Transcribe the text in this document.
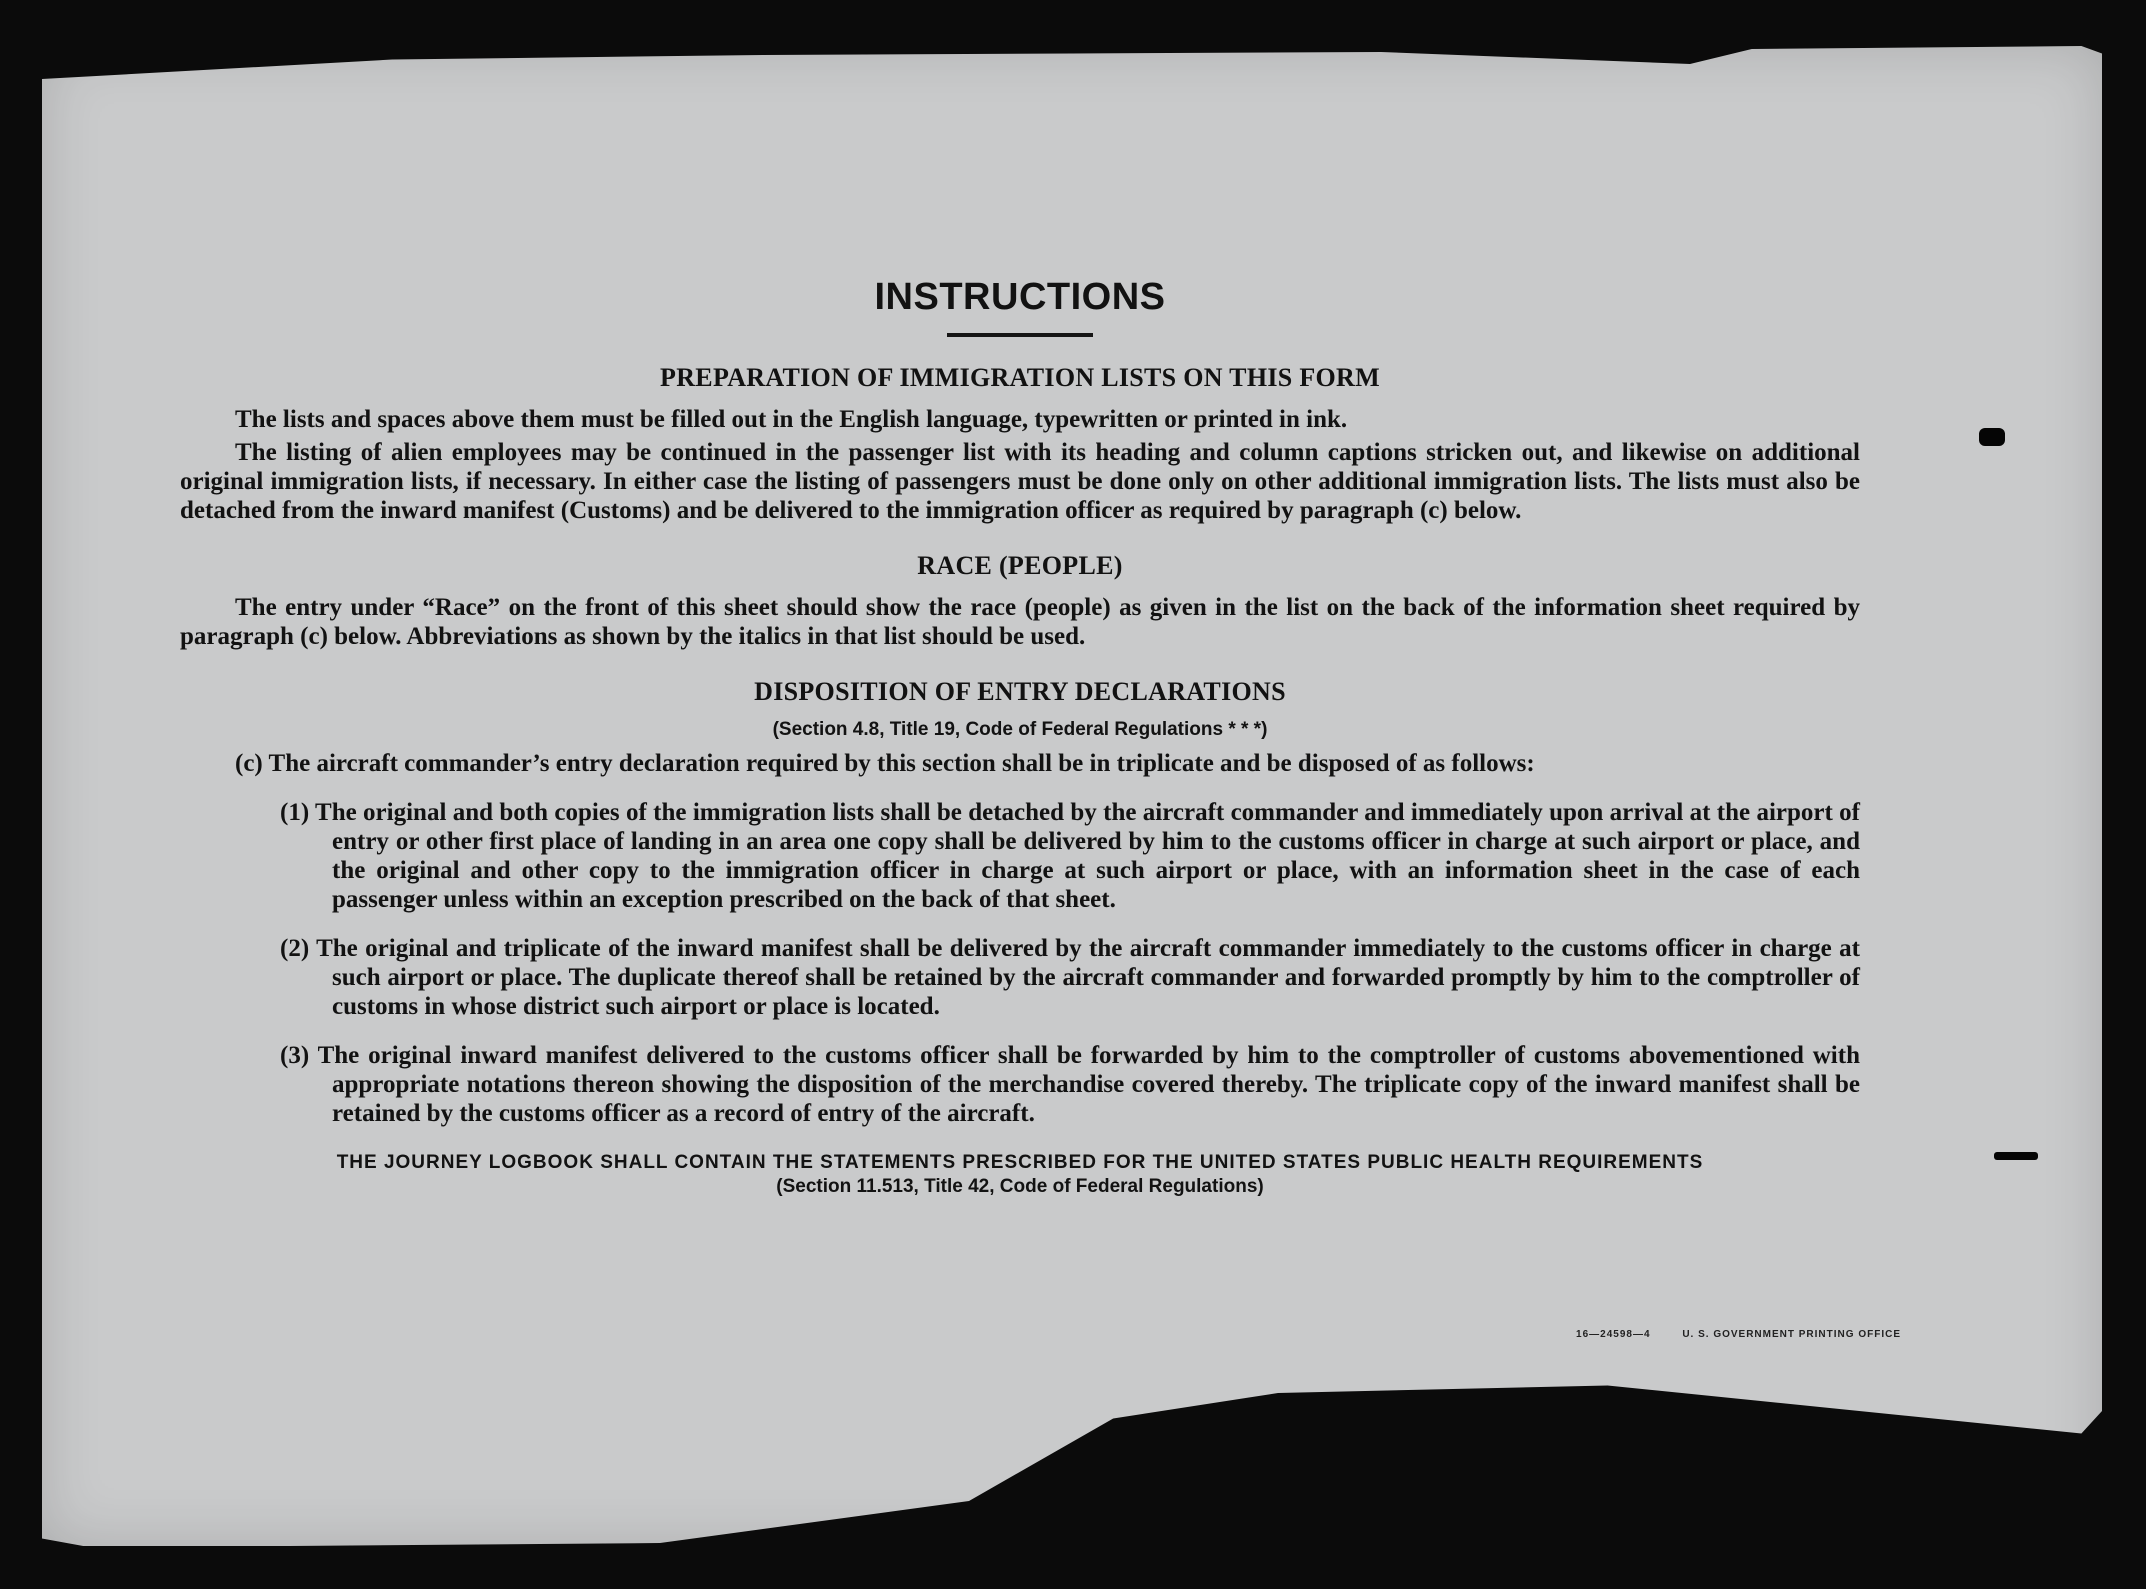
INSTRUCTIONS
PREPARATION OF IMMIGRATION LISTS ON THIS FORM

The lists and spaces above them must be filled out in the English language, typewritten or printed in ink.

The listing of alien employees may be continued in the passenger list with its heading and column captions stricken out, and likewise on additional original immigration lists, if necessary. In either case the listing of passengers must be done only on other additional immigration lists. The lists must also be detached from the inward manifest (Customs) and be delivered to the immigration officer as required by paragraph (c) below.

RACE (PEOPLE)

The entry under “Race” on the front of this sheet should show the race (people) as given in the list on the back of the information sheet required by paragraph (c) below. Abbreviations as shown by the italics in that list should be used.

DISPOSITION OF ENTRY DECLARATIONS
(Section 4.8, Title 19, Code of Federal Regulations * * *)

(c) The aircraft commander’s entry declaration required by this section shall be in triplicate and be disposed of as follows:

(1) The original and both copies of the immigration lists shall be detached by the aircraft commander and immediately upon arrival at the airport of entry or other first place of landing in an area one copy shall be delivered by him to the customs officer in charge at such airport or place, and the original and other copy to the immigration officer in charge at such airport or place, with an information sheet in the case of each passenger unless within an exception prescribed on the back of that sheet.

(2) The original and triplicate of the inward manifest shall be delivered by the aircraft commander immediately to the customs officer in charge at such airport or place. The duplicate thereof shall be retained by the aircraft commander and forwarded promptly by him to the comptroller of customs in whose district such airport or place is located.

(3) The original inward manifest delivered to the customs officer shall be forwarded by him to the comptroller of customs abovementioned with appropriate notations thereon showing the disposition of the merchandise covered thereby. The triplicate copy of the inward manifest shall be retained by the customs officer as a record of entry of the aircraft.

THE JOURNEY LOGBOOK SHALL CONTAIN THE STATEMENTS PRESCRIBED FOR THE UNITED STATES PUBLIC HEALTH REQUIREMENTS
(Section 11.513, Title 42, Code of Federal Regulations)
16—24598—4	U. S. GOVERNMENT PRINTING OFFICE
